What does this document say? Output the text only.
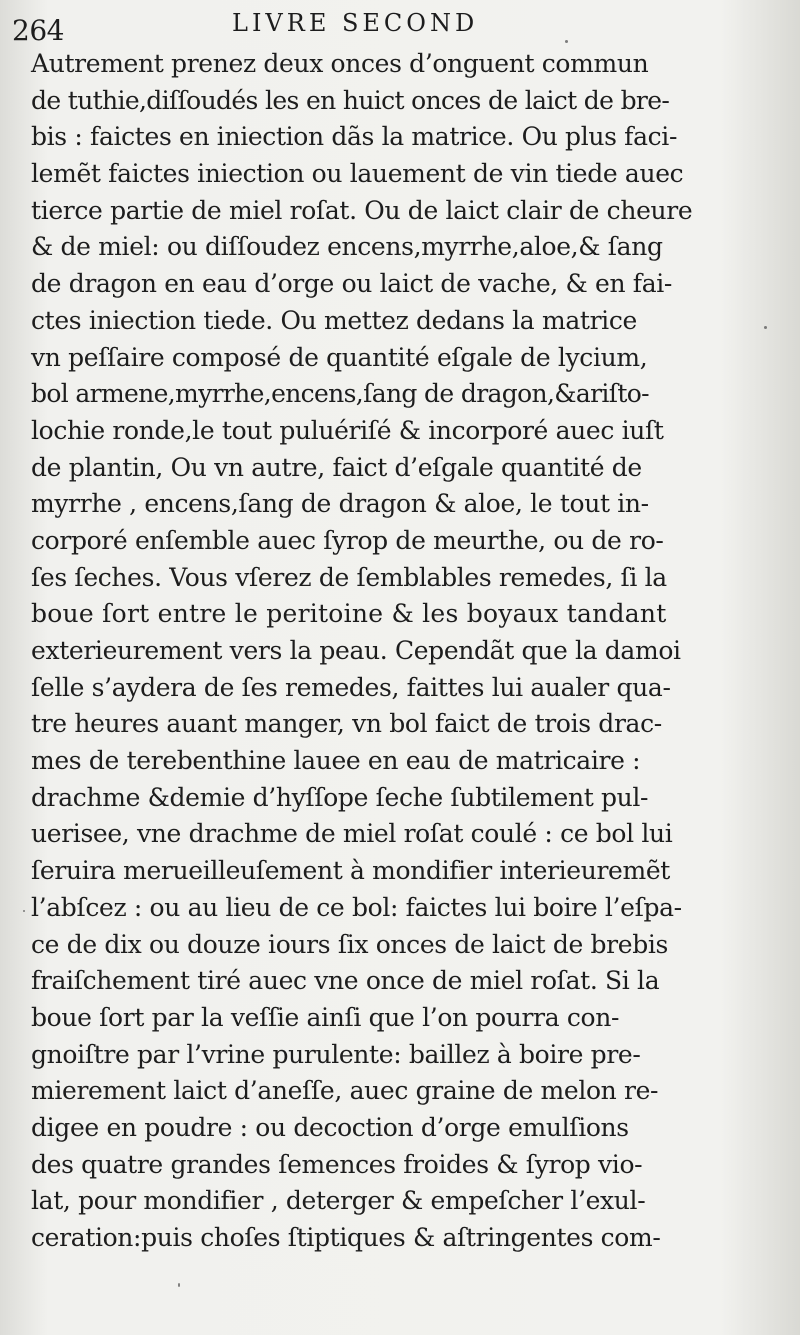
264	LIVRE SECOND
Autrement prenez deux onces d’onguent commun
de tuthie,diſſoudés les en huict onces de laict de bre-
bis : faictes en iniection dãs la matrice. Ou plus faci-
lemẽt faictes iniection ou lauement de vin tiede auec
tierce partie de miel roſat. Ou de laict clair de cheure
& de miel: ou diſſoudez encens,myrrhe,aloe,& ſang
de dragon en eau d’orge ou laict de vache, & en fai-
ctes iniection tiede. Ou mettez dedans la matrice
vn peſſaire composé de quantité eſgale de lycium,
bol armene,myrrhe,encens,ſang de dragon,&ariſto-
lochie ronde,le tout puluériſé & incorporé auec iuſt
de plantin, Ou vn autre, faict d’eſgale quantité de
myrrhe , encens,ſang de dragon & aloe, le tout in-
corporé enſemble auec ſyrop de meurthe, ou de ro-
ſes ſeches. Vous vſerez de ſemblables remedes, ſi la
boue ſort entre le peritoine & les boyaux tandant
exterieurement vers la peau. Cependãt que la damoi
ſelle s’aydera de ſes remedes, faittes lui aualer qua-
tre heures auant manger, vn bol faict de trois drac-
mes de terebenthine lauee en eau de matricaire :
drachme &demie d’hyſſope ſeche ſubtilement pul-
uerisee, vne drachme de miel roſat coulé : ce bol lui
ſeruira merueilleuſement à mondifier interieuremẽt
l’abſcez : ou au lieu de ce bol: faictes lui boire l’eſpa-
ce de dix ou douze iours ſix onces de laict de brebis
fraiſchement tiré auec vne once de miel roſat. Si la
boue ſort par la veſſie ainſi que l’on pourra con-
gnoiſtre par l’vrine purulente: baillez à boire pre-
mierement laict d’aneſſe, auec graine de melon re-
digee en poudre : ou decoction d’orge emulſions
des quatre grandes ſemences froides & ſyrop vio-
lat, pour mondifier , deterger & empeſcher l’exul-
ceration:puis choſes ſtiptiques & aſtringentes com-
